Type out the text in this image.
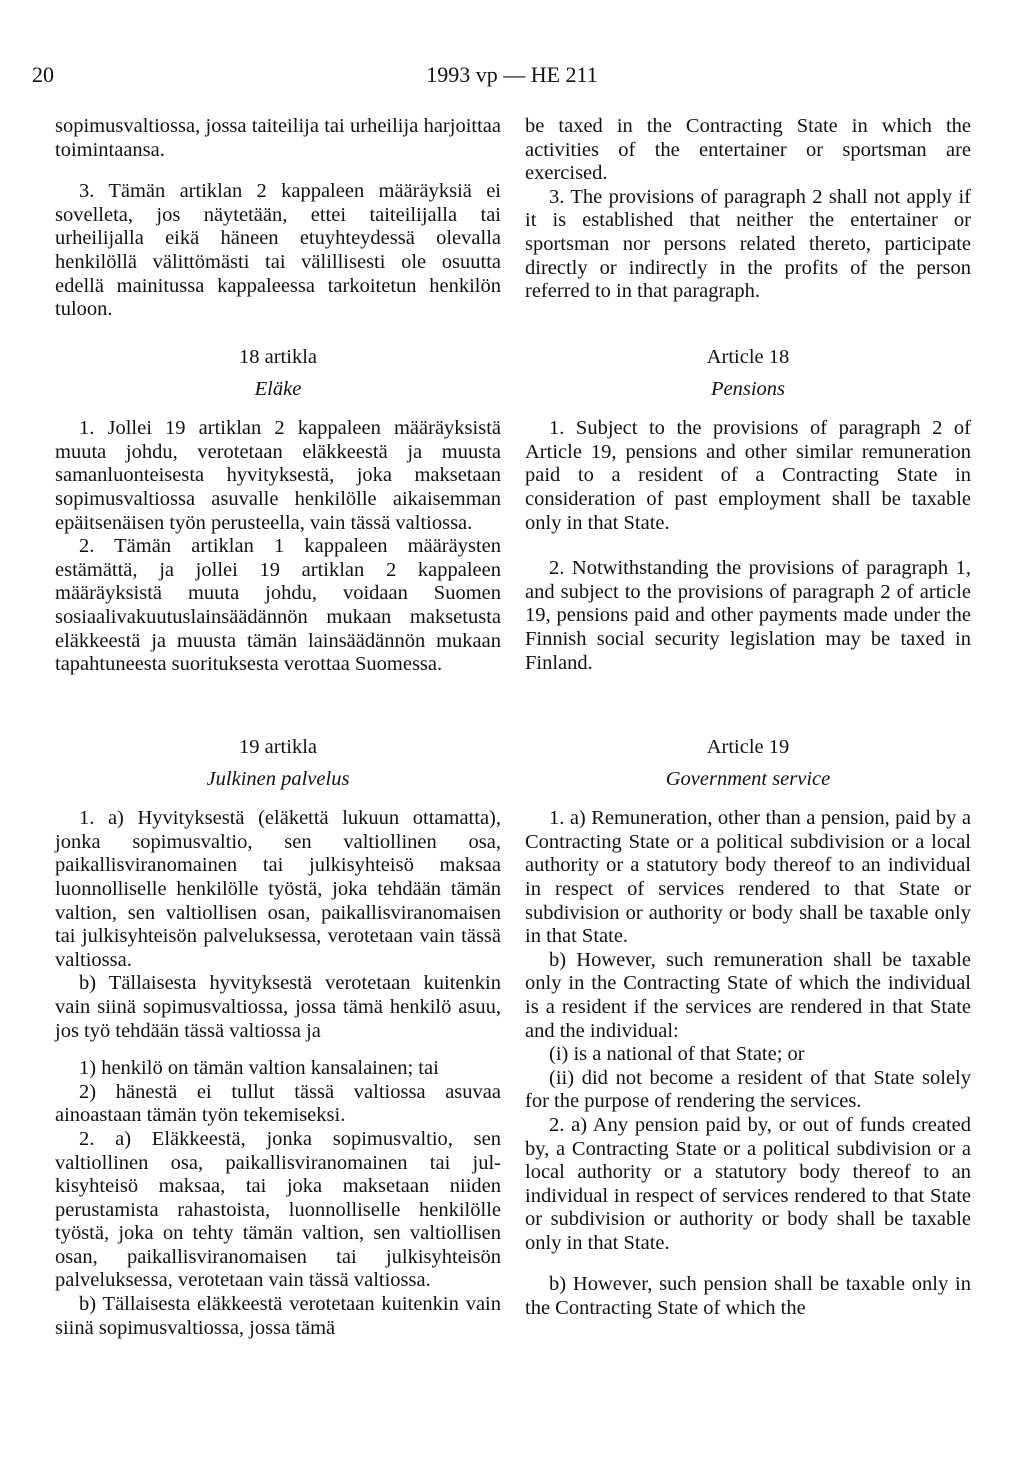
20	1993 vp — HE 211

sopimusvaltiossa, jossa taiteilija tai urheilija harjoittaa toimintaansa.

3. Tämän artiklan 2 kappaleen määräyksiä ei sovelleta, jos näytetään, ettei taiteilijalla tai urheilijalla eikä häneen etuyhteydessä olevalla henkilöllä välittömästi tai välillisesti ole osuutta edellä mainitussa kappaleessa tarkoitetun henkilön tuloon.

18 artikla

Eläke

1. Jollei 19 artiklan 2 kappaleen määräyksistä muuta johdu, verotetaan eläkkeestä ja muusta samanluonteisesta hyvityksestä, joka maksetaan sopimusvaltiossa asuvalle henkilölle aikaisemman epäitsenäisen työn perusteella, vain tässä valtiossa.

2. Tämän artiklan 1 kappaleen määräysten estämättä, ja jollei 19 artiklan 2 kappaleen määräyksistä muuta johdu, voidaan Suomen sosiaalivakuutuslainsäädännön mukaan maksetusta eläkkeestä ja muusta tämän lainsäädännön mukaan tapahtuneesta suorituksesta verottaa Suomessa.

19 artikla

Julkinen palvelus

1. a) Hyvityksestä (eläkettä lukuun ottamatta), jonka sopimusvaltio, sen valtiollinen osa, paikallisviranomainen tai julkisyhteisö maksaa luonnolliselle henkilölle työstä, joka tehdään tämän valtion, sen valtiollisen osan, paikallisviranomaisen tai julkisyhteisön palveluksessa, verotetaan vain tässä valtiossa.

b) Tällaisesta hyvityksestä verotetaan kuitenkin vain siinä sopimusvaltiossa, jossa tämä henkilö asuu, jos työ tehdään tässä valtiossa ja

1) henkilö on tämän valtion kansalainen; tai

2) hänestä ei tullut tässä valtiossa asuvaa ainoastaan tämän työn tekemiseksi.

2. a) Eläkkeestä, jonka sopimusvaltio, sen valtiollinen osa, paikallisviranomainen tai julkisyhteisö maksaa, tai joka maksetaan niiden perustamista rahastoista, luonnolliselle henkilölle työstä, joka on tehty tämän valtion, sen valtiollisen osan, paikallisviranomaisen tai julkisyhteisön palveluksessa, verotetaan vain tässä valtiossa.

b) Tällaisesta eläkkeestä verotetaan kuitenkin vain siinä sopimusvaltiossa, jossa tämä

be taxed in the Contracting State in which the activities of the entertainer or sportsman are exercised.

3. The provisions of paragraph 2 shall not apply if it is established that neither the entertainer or sportsman nor persons related thereto, participate directly or indirectly in the profits of the person referred to in that paragraph.

Article 18

Pensions

1. Subject to the provisions of paragraph 2 of Article 19, pensions and other similar remuneration paid to a resident of a Contracting State in consideration of past employment shall be taxable only in that State.

2. Notwithstanding the provisions of paragraph 1, and subject to the provisions of paragraph 2 of article 19, pensions paid and other payments made under the Finnish social security legislation may be taxed in Finland.

Article 19

Government service

1. a) Remuneration, other than a pension, paid by a Contracting State or a political subdivision or a local authority or a statutory body thereof to an individual in respect of services rendered to that State or subdivision or authority or body shall be taxable only in that State.

b) However, such remuneration shall be taxable only in the Contracting State of which the individual is a resident if the services are rendered in that State and the individual:

(i) is a national of that State; or

(ii) did not become a resident of that State solely for the purpose of rendering the services.

2. a) Any pension paid by, or out of funds created by, a Contracting State or a political subdivision or a local authority or a statutory body thereof to an individual in respect of services rendered to that State or subdivision or authority or body shall be taxable only in that State.

b) However, such pension shall be taxable only in the Contracting State of which the
